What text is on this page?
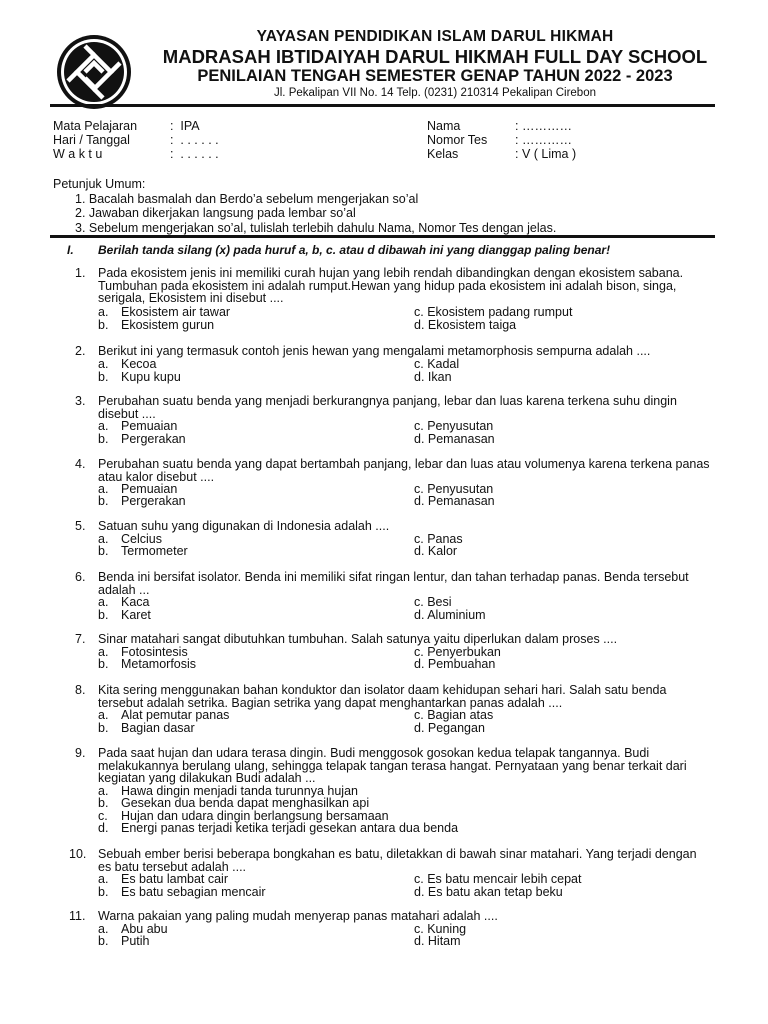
YAYASAN PENDIDIKAN ISLAM DARUL HIKMAH
MADRASAH IBTIDAIYAH DARUL HIKMAH FULL DAY SCHOOL
PENILAIAN TENGAH SEMESTER GENAP TAHUN 2022 - 2023
Jl. Pekalipan VII No. 14 Telp. (0231) 210314 Pekalipan Cirebon
Mata Pelajaran	:  IPA
Hari / Tanggal	:  . . . . . .
W a k t u	:  . . . . . .
Nama	: …………
Nomor Tes : …………
Kelas	: V ( Lima )
Petunjuk Umum:
1. Bacalah basmalah dan Berdo’a sebelum mengerjakan so’al
2. Jawaban dikerjakan langsung pada lembar so’al
3. Sebelum mengerjakan so’al, tulislah terlebih dahulu Nama, Nomor Tes dengan jelas.
I. Berilah tanda silang (x) pada huruf a, b, c. atau d dibawah ini yang dianggap paling benar!
1. Pada ekosistem jenis ini memiliki curah hujan yang lebih rendah dibandingkan dengan ekosistem sabana.
Tumbuhan pada ekosistem ini adalah rumput.Hewan yang hidup pada ekosistem ini adalah bison, singa,
serigala, Ekosistem ini disebut ....
a. Ekosistem air tawar
b. Ekosistem gurun
c. Ekosistem padang rumput
d. Ekosistem taiga
2. Berikut ini yang termasuk contoh jenis hewan yang mengalami metamorphosis sempurna adalah ....
a. Kecoa
b. Kupu kupu
c. Kadal
d. Ikan
3. Perubahan suatu benda yang menjadi berkurangnya panjang, lebar dan luas karena terkena suhu dingin
disebut ....
a. Pemuaian
b. Pergerakan
c. Penyusutan
d. Pemanasan
4. Perubahan suatu benda yang dapat bertambah panjang, lebar dan luas atau volumenya karena terkena panas
atau kalor disebut ....
a. Pemuaian
b. Pergerakan
c. Penyusutan
d. Pemanasan
5. Satuan suhu yang digunakan di Indonesia adalah ....
a. Celcius
b. Termometer
c. Panas
d. Kalor
6. Benda ini bersifat isolator. Benda ini memiliki sifat ringan lentur, dan tahan terhadap panas. Benda tersebut
adalah ...
a. Kaca
b. Karet
c. Besi
d. Aluminium
7. Sinar matahari sangat dibutuhkan tumbuhan. Salah satunya yaitu diperlukan dalam proses ....
a. Fotosintesis
b. Metamorfosis
c. Penyerbukan
d. Pembuahan
8. Kita sering menggunakan bahan konduktor dan isolator daam kehidupan sehari hari. Salah satu benda
tersebut adalah setrika. Bagian setrika yang dapat menghantarkan panas adalah ....
a. Alat pemutar panas
b. Bagian dasar
c. Bagian atas
d. Pegangan
9. Pada saat hujan dan udara terasa dingin. Budi menggosok gosokan kedua telapak tangannya. Budi
melakukannya berulang ulang, sehingga telapak tangan terasa hangat. Pernyataan yang benar terkait dari
kegiatan yang dilakukan Budi adalah ...
a. Hawa dingin menjadi tanda turunnya hujan
b. Gesekan dua benda dapat menghasilkan api
c. Hujan dan udara dingin berlangsung bersamaan
d. Energi panas terjadi ketika terjadi gesekan antara dua benda
10. Sebuah ember berisi beberapa bongkahan es batu, diletakkan di bawah sinar matahari. Yang terjadi dengan
es batu tersebut adalah ....
a. Es batu lambat cair
b. Es batu sebagian mencair
c. Es batu mencair lebih cepat
d. Es batu akan tetap beku
11. Warna pakaian yang paling mudah menyerap panas matahari adalah ....
a. Abu abu
b. Putih
c. Kuning
d. Hitam
